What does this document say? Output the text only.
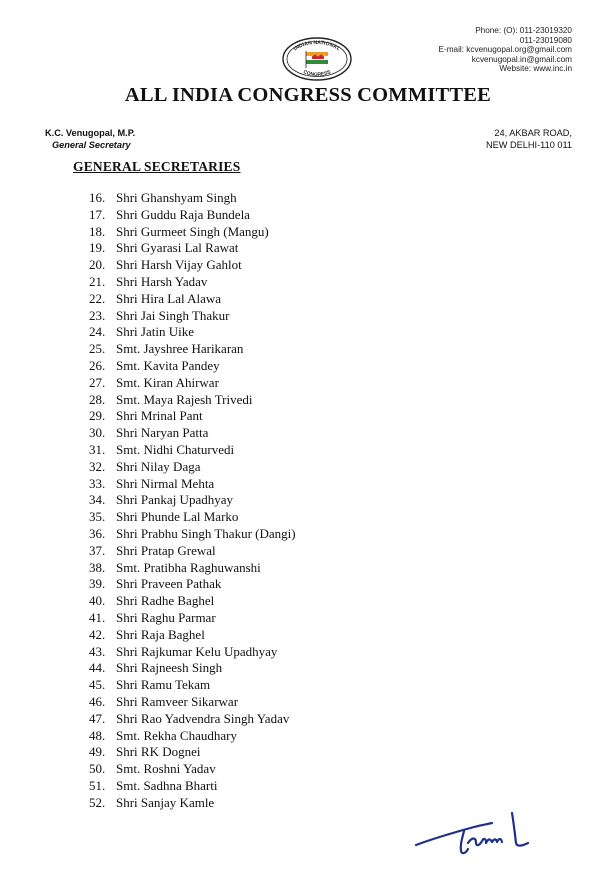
INDIAN NATIONAL
CONGRESS
Phone: (O): 011-23019320
011-23019080
E-mail: kcvenugopal.org@gmail.com
kcvenugopal.in@gmail.com
Website: www.inc.in
ALL INDIA CONGRESS COMMITTEE
K.C. Venugopal, M.P.
General Secretary
24, AKBAR ROAD,
NEW DELHI-110 011
GENERAL SECRETARIES
16. Shri Ghanshyam Singh
17. Shri Guddu Raja Bundela
18. Shri Gurmeet Singh (Mangu)
19. Shri Gyarasi Lal Rawat
20. Shri Harsh Vijay Gahlot
21. Shri Harsh Yadav
22. Shri Hira Lal Alawa
23. Shri Jai Singh Thakur
24. Shri Jatin Uike
25. Smt. Jayshree Harikaran
26. Smt. Kavita Pandey
27. Smt. Kiran Ahirwar
28. Smt. Maya Rajesh Trivedi
29. Shri Mrinal Pant
30. Shri Naryan Patta
31. Smt. Nidhi Chaturvedi
32. Shri Nilay Daga
33. Shri Nirmal Mehta
34. Shri Pankaj Upadhyay
35. Shri Phunde Lal Marko
36. Shri Prabhu Singh Thakur (Dangi)
37. Shri Pratap Grewal
38. Smt. Pratibha Raghuwanshi
39. Shri Praveen Pathak
40. Shri Radhe Baghel
41. Shri Raghu Parmar
42. Shri Raja Baghel
43. Shri Rajkumar Kelu Upadhyay
44. Shri Rajneesh Singh
45. Shri Ramu Tekam
46. Shri Ramveer Sikarwar
47. Shri Rao Yadvendra Singh Yadav
48. Smt. Rekha Chaudhary
49. Shri RK Dognei
50. Smt. Roshni Yadav
51. Smt. Sadhna Bharti
52. Shri Sanjay Kamle
